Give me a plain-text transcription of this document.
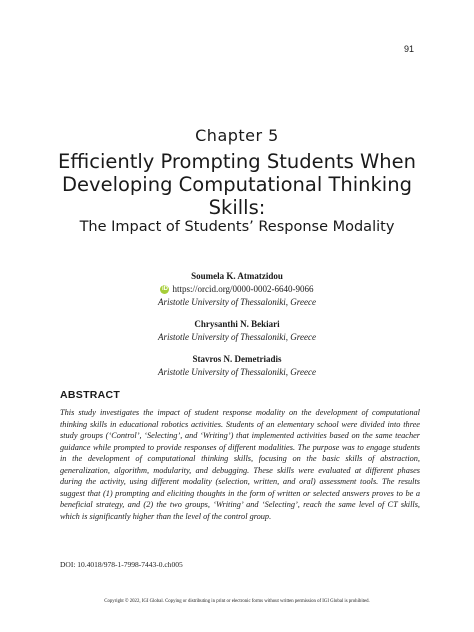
91
Chapter 5
Efficiently Prompting Students When Developing Computational Thinking Skills:
The Impact of Students’ Response Modality
Soumela K. Atmatzidou
iD https://orcid.org/0000-0002-6640-9066
Aristotle University of Thessaloniki, Greece
Chrysanthi N. Bekiari
Aristotle University of Thessaloniki, Greece
Stavros N. Demetriadis
Aristotle University of Thessaloniki, Greece
ABSTRACT
This study investigates the impact of student response modality on the development of computational thinking skills in educational robotics activities. Students of an elementary school were divided into three study groups (‘Control’, ‘Selecting’, and ‘Writing’) that implemented activities based on the same teacher guidance while prompted to provide responses of different modalities. The purpose was to engage students in the development of computational thinking skills, focusing on the basic skills of abstraction, generalization, algorithm, modularity, and debugging. These skills were evaluated at different phases during the activity, using different modality (selection, written, and oral) assessment tools. The results suggest that (1) prompting and eliciting thoughts in the form of written or selected answers proves to be a beneficial strategy, and (2) the two groups, ‘Writing’ and ‘Selecting’, reach the same level of CT skills, which is significantly higher than the level of the control group.
DOI: 10.4018/978-1-7998-7443-0.ch005
Copyright © 2022, IGI Global. Copying or distributing in print or electronic forms without written permission of IGI Global is prohibited.
